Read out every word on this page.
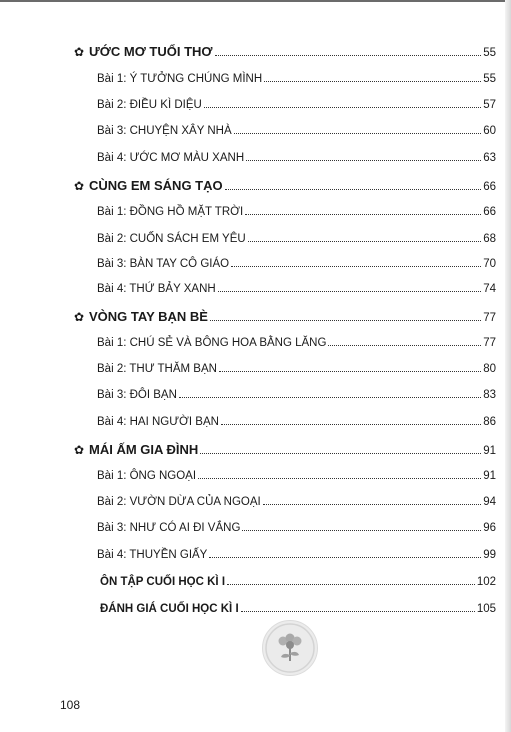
✿ ƯỚC MƠ TUỔI THƠ	55
Bài 1: Ý TƯỞNG CHÚNG MÌNH	55
Bài 2: ĐIỀU KÌ DIỆU	57
Bài 3: CHUYỆN XÂY NHÀ	60
Bài 4: ƯỚC MƠ MÀU XANH	63
✿ CÙNG EM SÁNG TẠO	66
Bài 1: ĐỒNG HỒ MẶT TRỜI	66
Bài 2: CUỐN SÁCH EM YÊU	68
Bài 3: BÀN TAY CÔ GIÁO	70
Bài 4: THỨ BẢY XANH	74
✿ VÒNG TAY BẠN BÈ	77
Bài 1: CHÚ SẺ VÀ BÔNG HOA BẰNG LĂNG	77
Bài 2: THƯ THĂM BẠN	80
Bài 3: ĐÔI BẠN	83
Bài 4: HAI NGƯỜI BẠN	86
✿ MÁI ẤM GIA ĐÌNH	91
Bài 1: ÔNG NGOẠI	91
Bài 2: VƯỜN DỪA CỦA NGOẠI	94
Bài 3: NHƯ CÓ AI ĐI VẮNG	96
Bài 4: THUYỀN GIẤY	99
ÔN TẬP CUỐI HỌC KÌ I	102
ĐÁNH GIÁ CUỐI HỌC KÌ I	105
108
